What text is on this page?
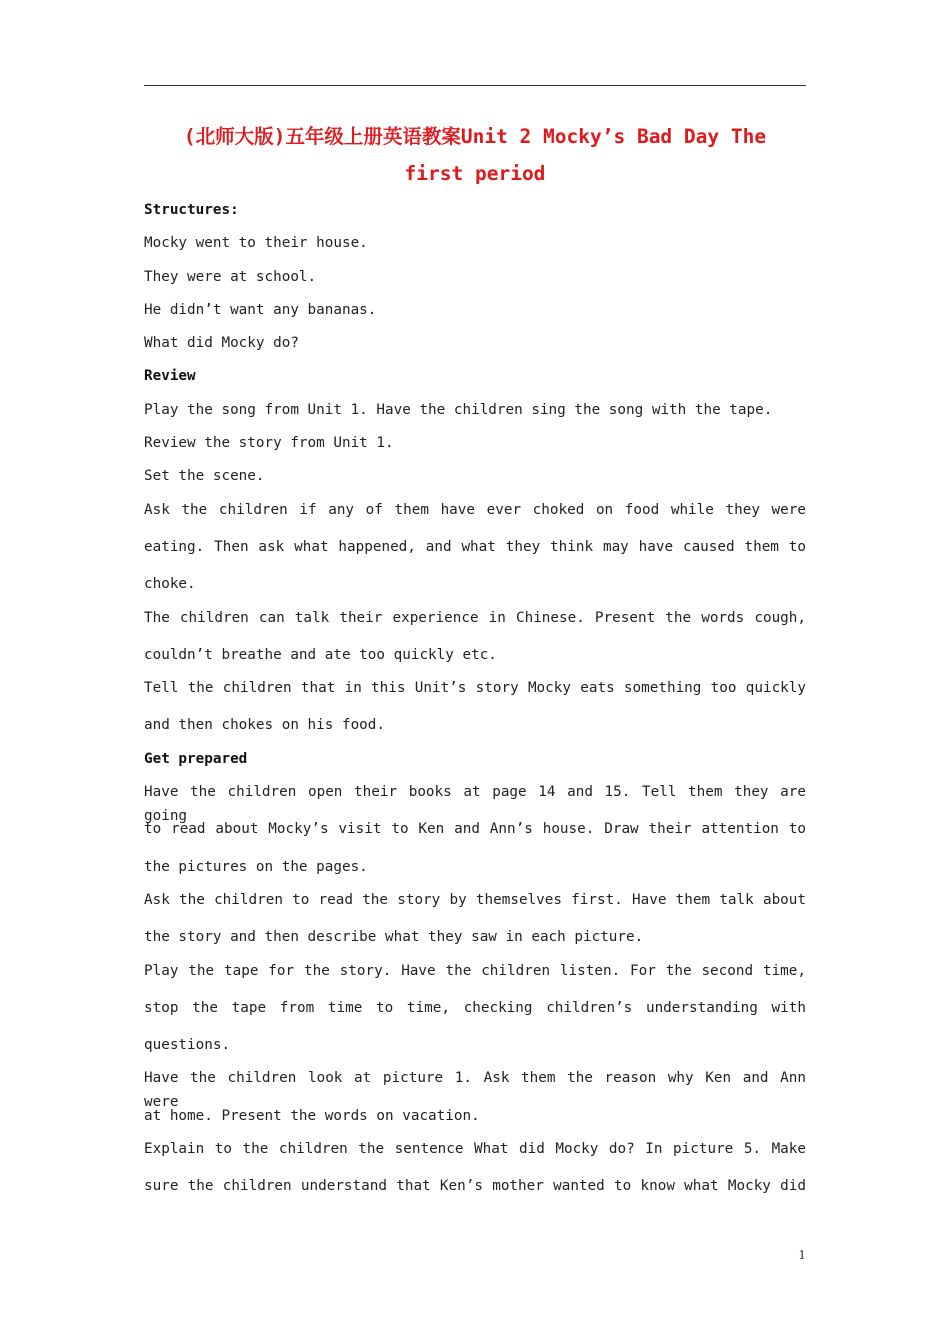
(北师大版)五年级上册英语教案Unit 2 Mocky’s Bad Day The
first period
Structures:
Mocky went to their house.
They were at school.
He didn’t want any bananas.
What did Mocky do?
Review
Play the song from Unit 1. Have the children sing the song with the tape.
Review the story from Unit 1.
Set the scene.
Ask the children if any of them have ever choked on food while they were
eating. Then ask what happened, and what they think may have caused them to
choke.
The children can talk their experience in Chinese. Present the words cough,
couldn’t breathe and ate too quickly etc.
Tell the children that in this Unit’s story Mocky eats something too quickly
and then chokes on his food.
Get prepared
Have the children open their books at page 14 and 15. Tell them they are going
to read about Mocky’s visit to Ken and Ann’s house. Draw their attention to
the pictures on the pages.
Ask the children to read the story by themselves first. Have them talk about
the story and then describe what they saw in each picture.
Play the tape for the story. Have the children listen. For the second time,
stop the tape from time to time, checking children’s understanding with
questions.
Have the children look at picture 1. Ask them the reason why Ken and Ann were
at home. Present the words on vacation.
Explain to the children the sentence What did Mocky do? In picture 5. Make
sure the children understand that Ken’s mother wanted to know what Mocky did
1
